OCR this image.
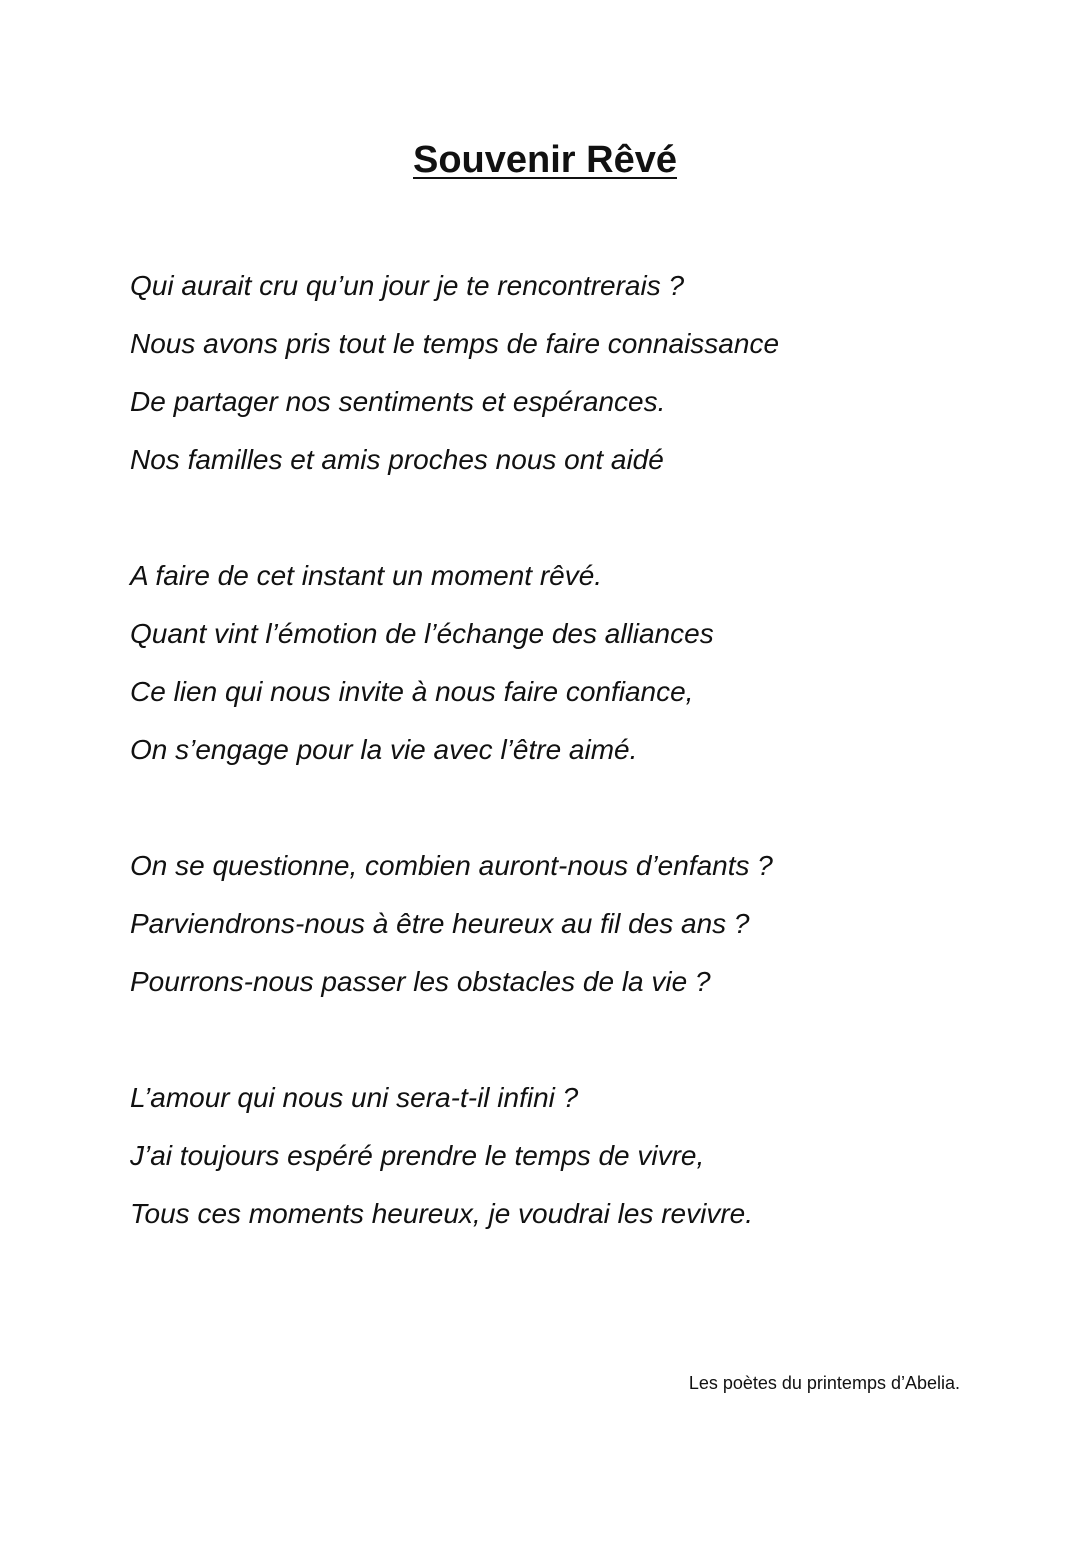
Souvenir Rêvé
Qui aurait cru qu’un jour je te rencontrerais ?
Nous avons pris tout le temps de faire connaissance
De partager nos sentiments et espérances.
Nos familles et amis proches nous ont aidé
A faire de cet instant un moment rêvé.
Quant vint l’émotion de l’échange des alliances
Ce lien qui nous invite à nous faire confiance,
On s’engage pour la vie avec l’être aimé.
On se questionne, combien auront-nous d’enfants ?
Parviendrons-nous à être heureux au fil des ans ?
Pourrons-nous passer les obstacles de la vie ?
L’amour qui nous uni sera-t-il infini ?
J’ai toujours espéré prendre le temps de vivre,
Tous ces moments heureux, je voudrai les revivre.
Les poètes du printemps d’Abelia.
